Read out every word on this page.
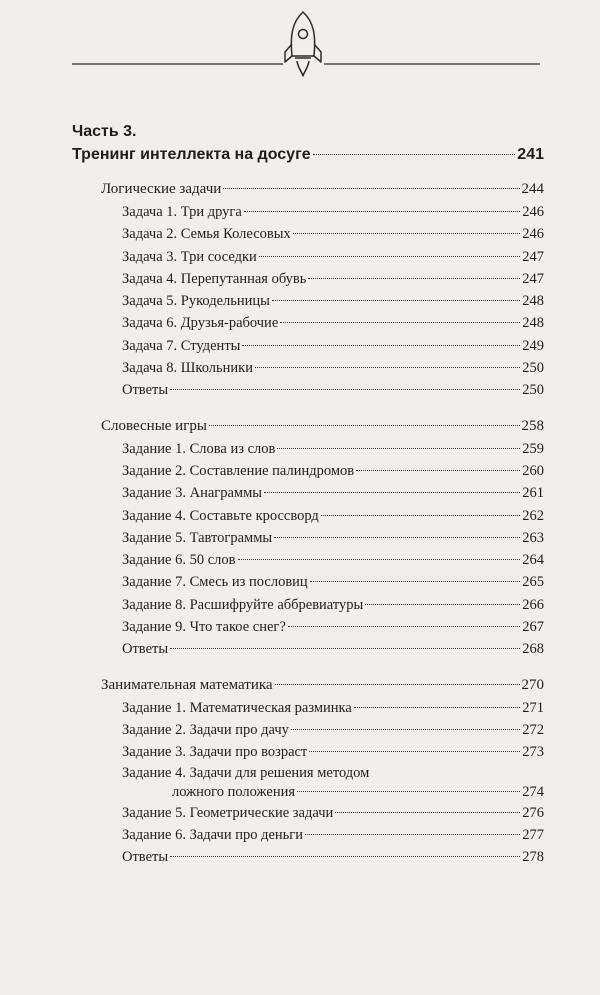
Часть 3.
Тренинг интеллекта на досуге	241
Логические задачи	244
Задача 1. Три друга	246
Задача 2. Семья Колесовых	246
Задача 3. Три соседки	247
Задача 4. Перепутанная обувь	247
Задача 5. Рукодельницы	248
Задача 6. Друзья-рабочие	248
Задача 7. Студенты	249
Задача 8. Школьники	250
Ответы	250
Словесные игры	258
Задание 1. Слова из слов	259
Задание 2. Составление палиндромов	260
Задание 3. Анаграммы	261
Задание 4. Составьте кроссворд	262
Задание 5. Тавтограммы	263
Задание 6. 50 слов	264
Задание 7. Смесь из пословиц	265
Задание 8. Расшифруйте аббревиатуры	266
Задание 9. Что такое снег?	267
Ответы	268
Занимательная математика	270
Задание 1. Математическая разминка	271
Задание 2. Задачи про дачу	272
Задание 3. Задачи про возраст	273
Задание 4. Задачи для решения методом
ложного положения	274
Задание 5. Геометрические задачи	276
Задание 6. Задачи про деньги	277
Ответы	278
